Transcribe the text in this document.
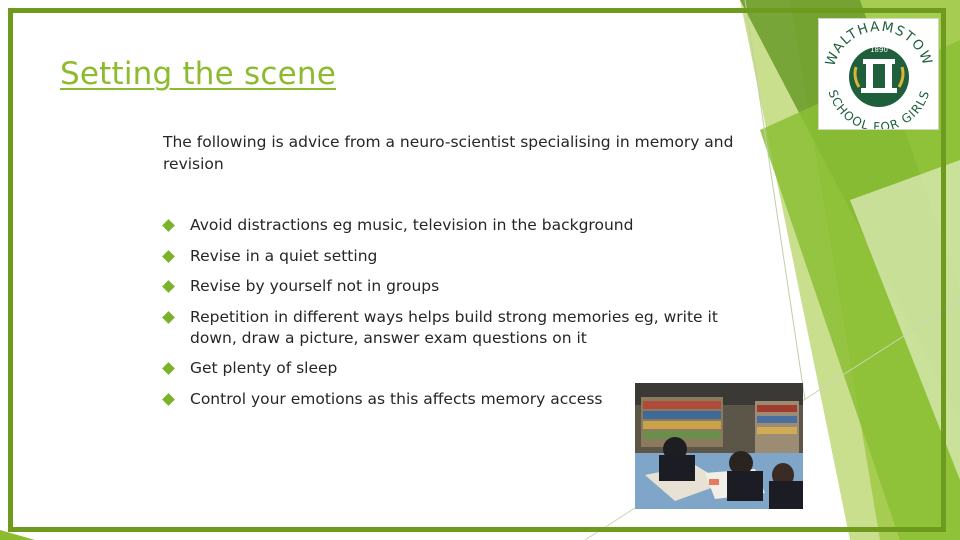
Setting the scene
The following is advice from a neuro-scientist specialising in memory and revision
Avoid distractions eg music, television in the background
Revise in a quiet setting
Revise by yourself not in groups
Repetition in different ways helps build strong memories eg, write it down, draw a picture, answer exam questions on it
Get plenty of sleep
Control your emotions as this affects memory access
WALTHAMSTOW
SCHOOL FOR GIRLS
1890
